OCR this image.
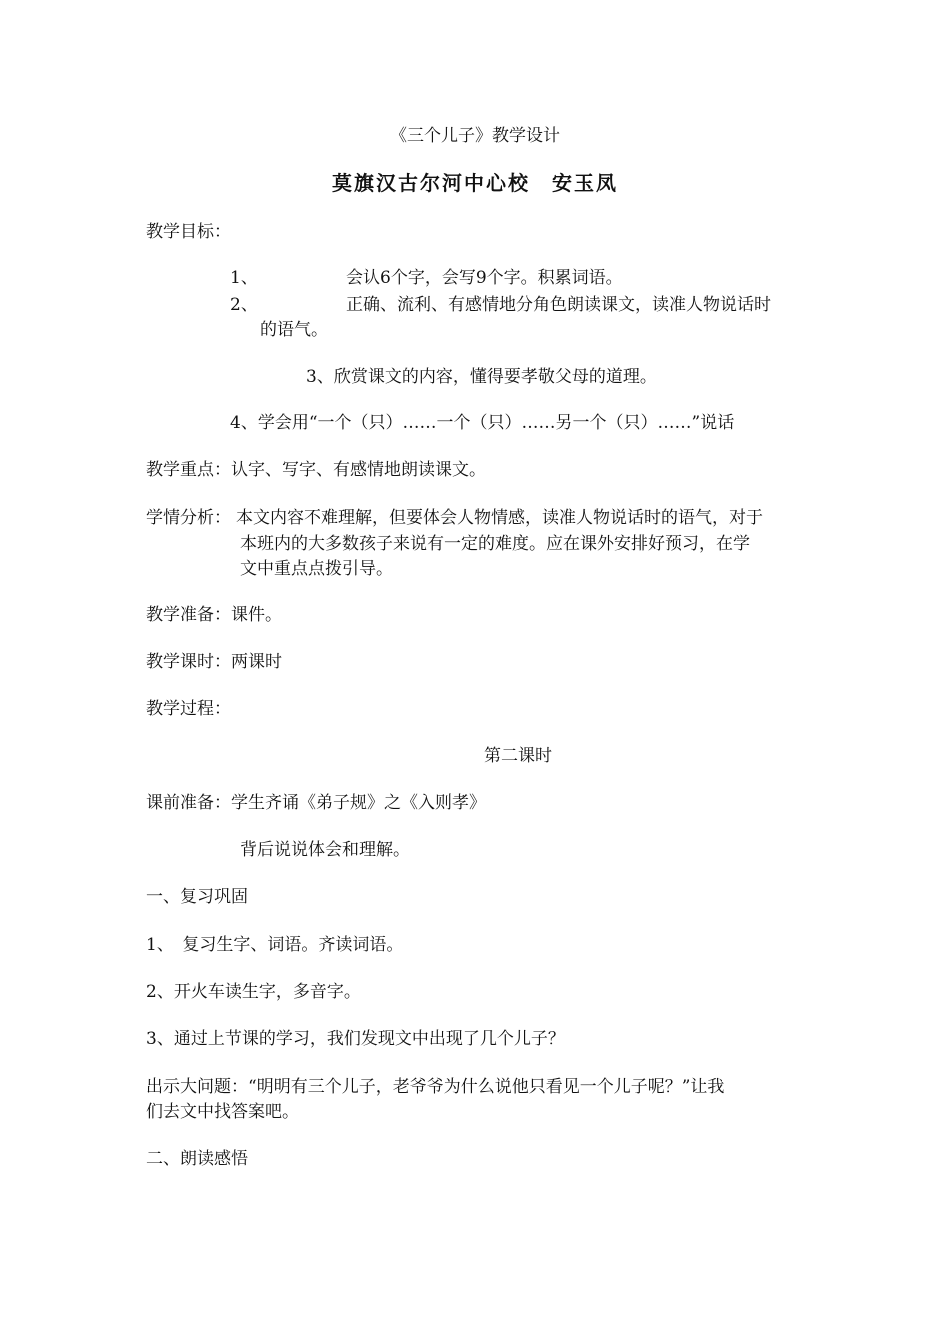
《三个儿子》教学设计
莫旗汉古尔河中心校　安玉凤
教学目标：
1、	会认6个字，会写9个字。积累词语。
2、	正确、流利、有感情地分角色朗读课文，读准人物说话时
的语气。
3、欣赏课文的内容，懂得要孝敬父母的道理。
4、学会用“一个（只）……一个（只）……另一个（只）……”说话
教学重点：认字、写字、有感情地朗读课文。
学情分析： 本文内容不难理解，但要体会人物情感，读准人物说话时的语气，对于
本班内的大多数孩子来说有一定的难度。应在课外安排好预习，在学
文中重点点拨引导。
教学准备：课件。
教学课时：两课时
教学过程：
第二课时
课前准备：学生齐诵《弟子规》之《入则孝》
背后说说体会和理解。
一、复习巩固
1、　复习生字、词语。齐读词语。
2、开火车读生字，多音字。
3、通过上节课的学习，我们发现文中出现了几个儿子？
出示大问题：“明明有三个儿子，老爷爷为什么说他只看见一个儿子呢？”让我
们去文中找答案吧。
二、朗读感悟
